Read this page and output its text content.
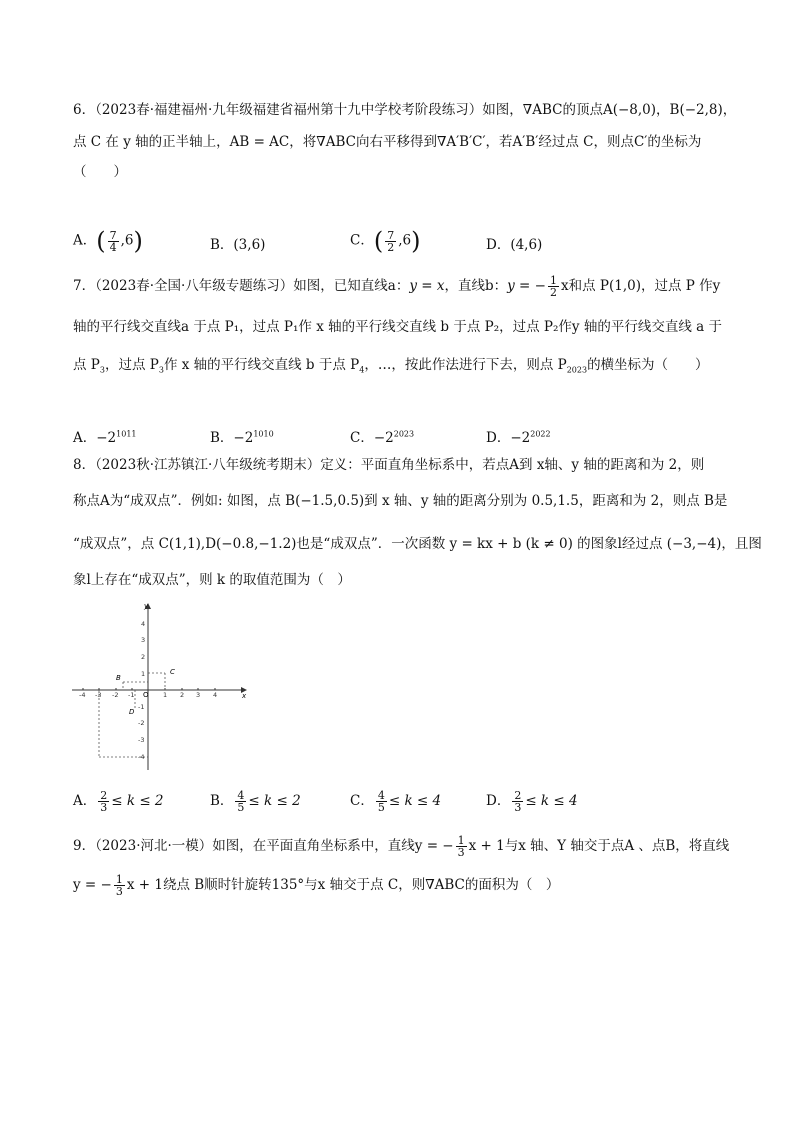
6．（2023春·福建福州·九年级福建省福州第十九中学校考阶段练习）如图，∇ABC的顶点A(−8,0)，B(−2,8)，
点 C 在 y 轴的正半轴上，AB = AC，将∇ABC向右平移得到∇A′B′C′，若A′B′经过点 C，则点C′的坐标为
（　　）
A．( $\frac{7}{4} ,6$)	B．(3,6)	C．( $\frac{7}{2} ,6$)	D．(4,6)
7．（2023春·全国·八年级专题练习）如图，已知直线a：y = x，直线b：y = − $\frac{1}{2}$ x和点 P(1,0)，过点 P 作y
轴的平行线交直线a 于点 P₁，过点 P₁作 x 轴的平行线交直线 b 于点 P₂，过点 P₂作y 轴的平行线交直线 a 于
点 $P_3$，过点 $P_3$作 x 轴的平行线交直线 b 于点 $P_4$，…，按此作法进行下去，则点 $P_{2023}$的横坐标为（　　）
A．$-2^{1011}$	B．$-2^{1010}$	C．$-2^{2023}$	D．$-2^{2022}$
8．（2023秋·江苏镇江·八年级统考期末）定义：平面直角坐标系中，若点A到 x轴、y 轴的距离和为 2，则
称点A为“成双点”．例如: 如图，点 B(−1.5,0.5)到 x 轴、y 轴的距离分别为 0.5,1.5，距离和为 2，则点 B是
“成双点”，点 C(1,1),D(−0.8,−1.2)也是“成双点”．一次函数 y = kx + b (k ≠ 0) 的图象l经过点 (−3,−4)，且图
象l上存在“成双点”，则 k 的取值范围为（　）
x
y
O
-4 -3 -2 -1	1 2 3 4
4
3
2
1
-1
-2
-3
-4
B
C
D
A． $\frac{2}{3} \le k \le 2$	B． $\frac{4}{5} \le k \le 2$	C． $\frac{4}{5} \le k \le 4$	D． $\frac{2}{3} \le k \le 4$
9．（2023·河北·一模）如图，在平面直角坐标系中，直线y = − $\frac{1}{3}$ x + 1与x 轴、Y 轴交于点A 、点B，将直线
y = − $\frac{1}{3}$ x + 1绕点 B顺时针旋转135°与x 轴交于点 C，则∇ABC的面积为（　）
